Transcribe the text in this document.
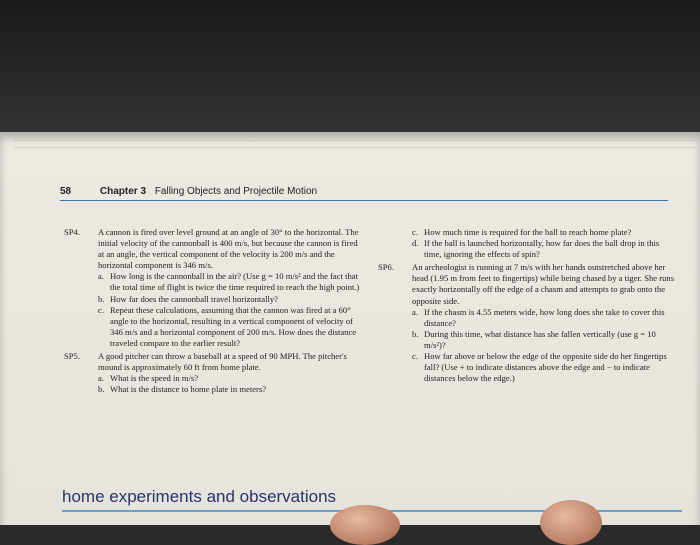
58	Chapter 3 Falling Objects and Projectile Motion
SP4. A cannon is fired over level ground at an angle of 30° to the horizontal. The initial velocity of the cannonball is 400 m/s, but because the cannon is fired at an angle, the vertical component of the velocity is 200 m/s and the horizontal component is 346 m/s.

a. How long is the cannonball in the air? (Use g = 10 m/s² and the fact that the total time of flight is twice the time required to reach the high point.)
b. How far does the cannonball travel horizontally?
c. Repeat these calculations, assuming that the cannon was fired at a 60° angle to the horizontal, resulting in a vertical component of velocity of 346 m/s and a horizontal component of 200 m/s. How does the distance traveled compare to the earlier result?
SP5. A good pitcher can throw a baseball at a speed of 90 MPH. The pitcher's mound is approximately 60 ft from home plate.

a. What is the speed in m/s?
b. What is the distance to home plate in meters?
c. How much time is required for the ball to reach home plate?
d. If the ball is launched horizontally, how far does the ball drop in this time, ignoring the effects of spin?
SP6. An archeologist is running at 7 m/s with her hands outstretched above her head (1.95 m from feet to fingertips) while being chased by a tiger. She runs exactly horizontally off the edge of a chasm and attempts to grab onto the opposite side.

a. If the chasm is 4.55 meters wide, how long does she take to cover this distance?
b. During this time, what distance has she fallen vertically (use g = 10 m/s²)?
c. How far above or below the edge of the opposite side do her fingertips fall? (Use + to indicate distances above the edge and − to indicate distances below the edge.)
home experiments and observations
